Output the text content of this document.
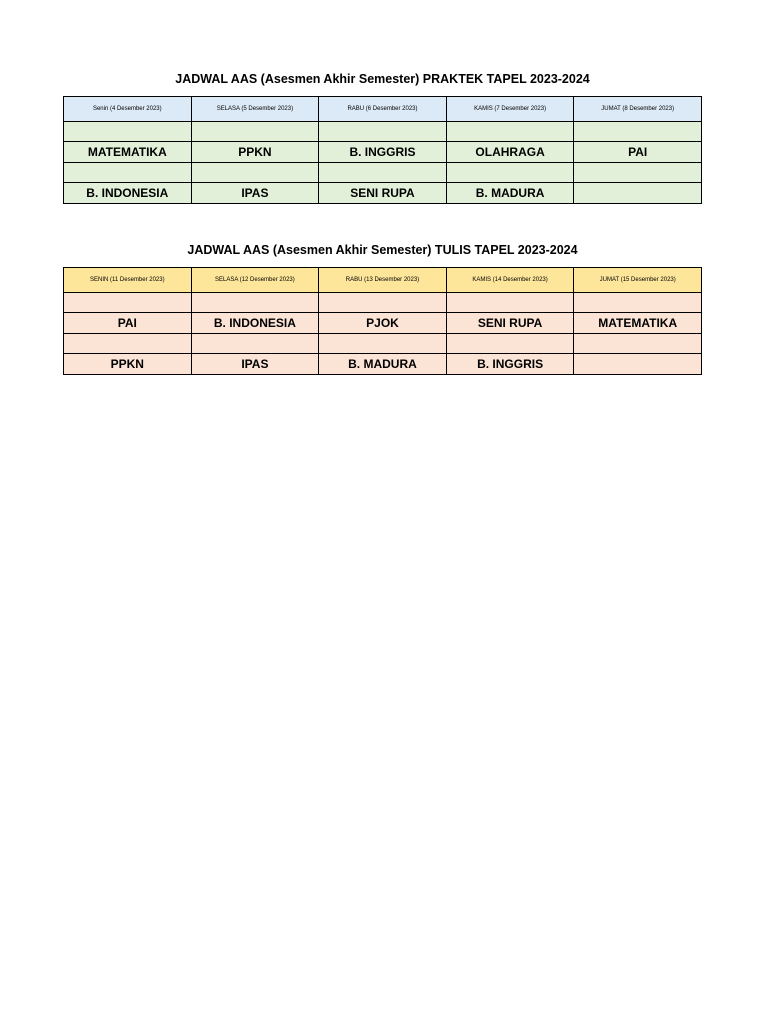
JADWAL AAS (Asesmen Akhir Semester) PRAKTEK TAPEL 2023-2024
Senin (4 Desember 2023)	SELASA (5 Desember 2023)	RABU (6 Desember 2023)	KAMIS (7 Desember 2023)	JUMAT (8 Desember 2023)

MATEMATIKA	PPKN	B. INGGRIS	OLAHRAGA	PAI

B. INDONESIA	IPAS	SENI RUPA	B. MADURA	
JADWAL AAS (Asesmen Akhir Semester) TULIS TAPEL 2023-2024
SENIN (11 Desember 2023)	SELASA (12 Desember 2023)	RABU (13 Desember 2023)	KAMIS (14 Desember 2023)	JUMAT (15 Desember 2023)

PAI	B. INDONESIA	PJOK	SENI RUPA	MATEMATIKA

PPKN	IPAS	B. MADURA	B. INGGRIS	
